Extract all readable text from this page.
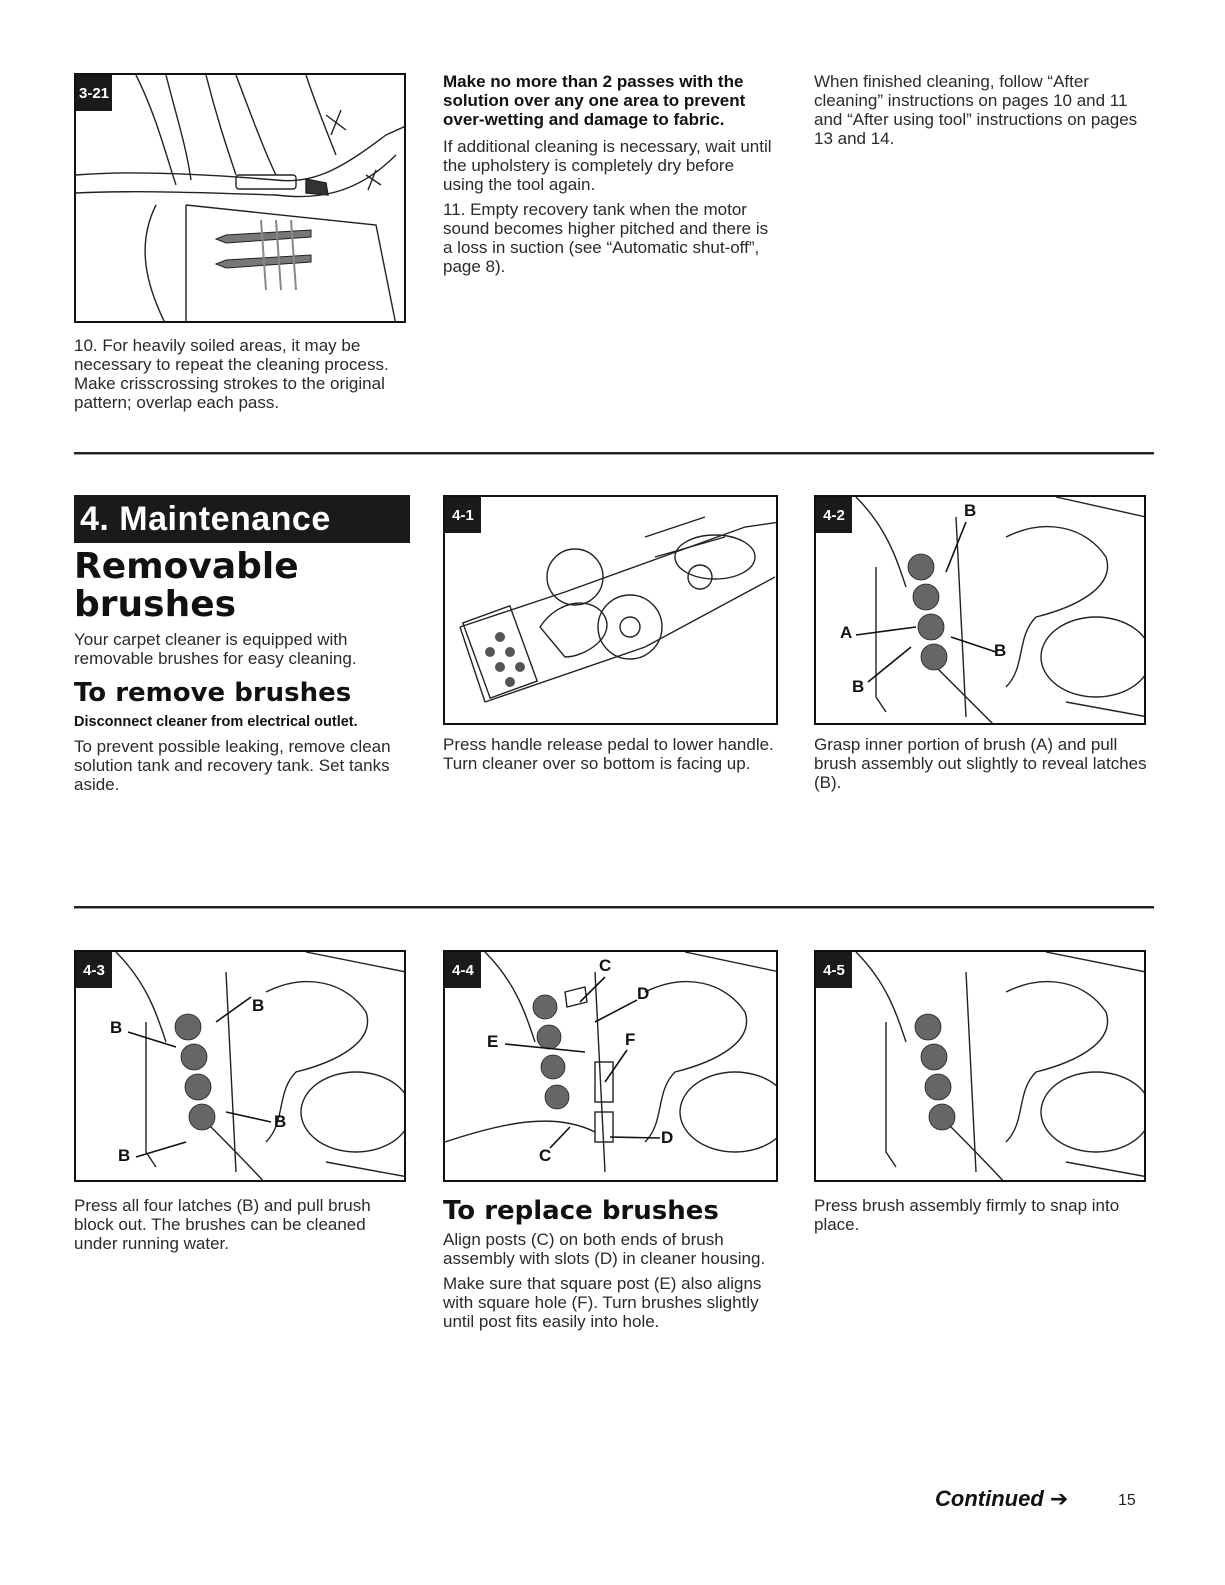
3-21

10. For heavily soiled areas, it may be necessary to repeat the cleaning process. Make crisscrossing strokes to the original pattern; overlap each pass.

Make no more than 2 passes with the solution over any one area to prevent over-wetting and damage to fabric.

If additional cleaning is necessary, wait until the upholstery is completely dry before using the tool again.

11. Empty recovery tank when the motor sound becomes higher pitched and there is a loss in suction (see “Automatic shut-off”, page 8).

When finished cleaning, follow “After cleaning” instructions on pages 10 and 11 and “After using tool” instructions on pages 13 and 14.

4. Maintenance
Removable brushes

Your carpet cleaner is equipped with removable brushes for easy cleaning.

To remove brushes

Disconnect cleaner from electrical outlet.

To prevent possible leaking, remove clean solution tank and recovery tank. Set tanks aside.

4-1

Press handle release pedal to lower handle. Turn cleaner over so bottom is facing up.

4-2	B
A
B
B

Grasp inner portion of brush (A) and pull brush assembly out slightly to reveal latches (B).

4-3
B
B
B
B

Press all four latches (B) and pull brush block out. The brushes can be cleaned under running water.

4-4	C
D
E	F
C
D
To replace brushes

Align posts (C) on both ends of brush assembly with slots (D) in cleaner housing.

Make sure that square post (E) also aligns with square hole (F). Turn brushes slightly until post fits easily into hole.

4-5

Press brush assembly firmly to snap into place.

Continued ➔	15
